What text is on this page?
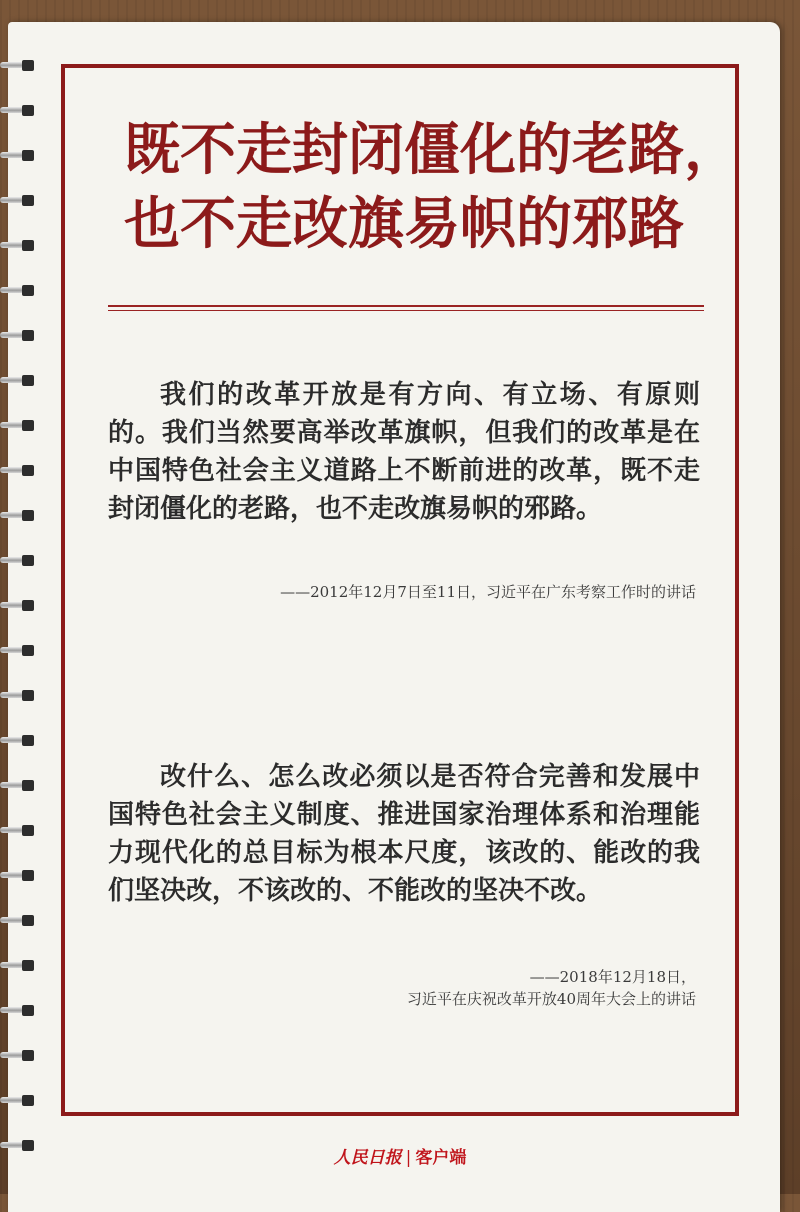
既不走封闭僵化的老路，
也不走改旗易帜的邪路

我们的改革开放是有方向、有立场、有原则的。我们当然要高举改革旗帜，但我们的改革是在中国特色社会主义道路上不断前进的改革，既不走封闭僵化的老路，也不走改旗易帜的邪路。

——2012年12月7日至11日，习近平在广东考察工作时的讲话

改什么、怎么改必须以是否符合完善和发展中国特色社会主义制度、推进国家治理体系和治理能力现代化的总目标为根本尺度，该改的、能改的我们坚决改，不该改的、不能改的坚决不改。

——2018年12月18日，
习近平在庆祝改革开放40周年大会上的讲话

人民日报 | 客户端
